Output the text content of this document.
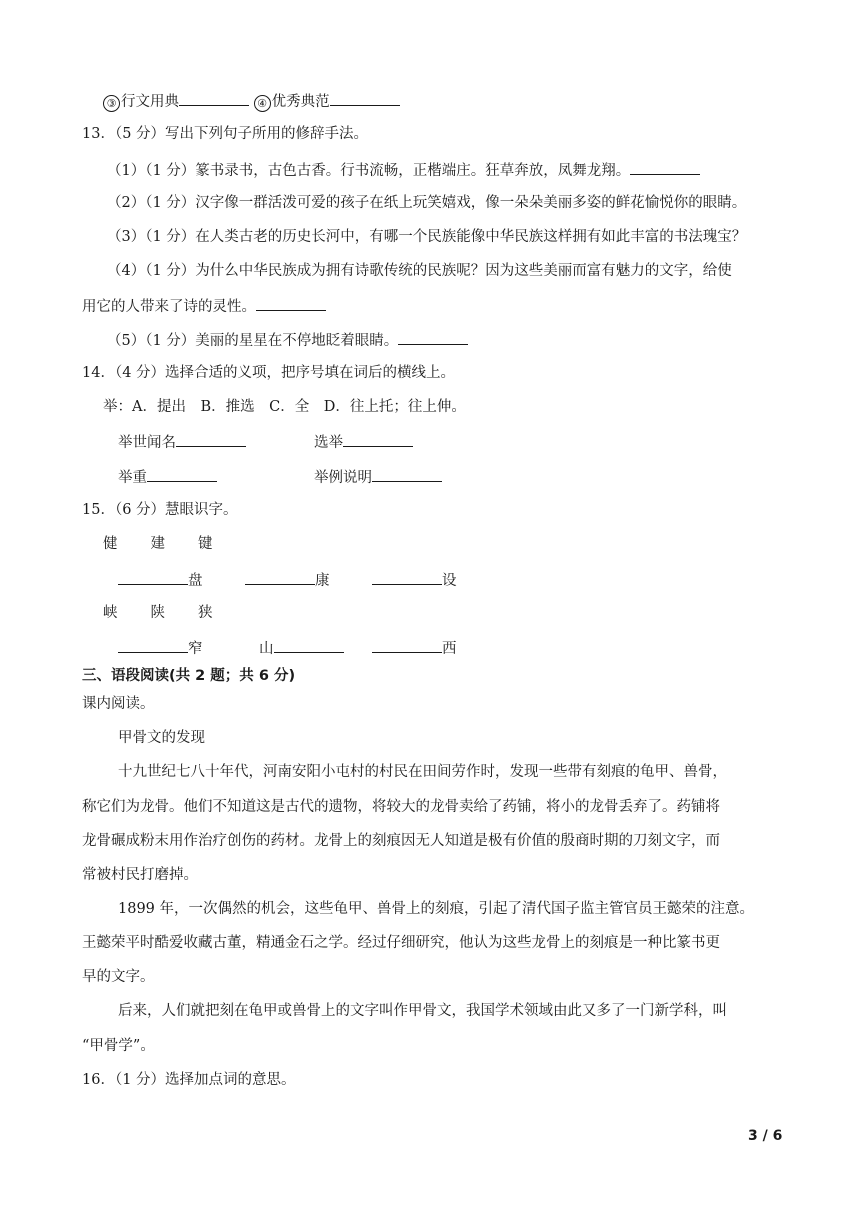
③ 行文用典	④ 优秀典范
13．（5 分）写出下列句子所用的修辞手法。
（1）（1 分）篆书录书，古色古香。行书流畅，正楷端庄。狂草奔放，凤舞龙翔。
（2）（1 分）汉字像一群活泼可爱的孩子在纸上玩笑嬉戏，像一朵朵美丽多姿的鲜花愉悦你的眼睛。
（3）（1 分）在人类古老的历史长河中，有哪一个民族能像中华民族这样拥有如此丰富的书法瑰宝？
（4）（1 分）为什么中华民族成为拥有诗歌传统的民族呢？因为这些美丽而富有魅力的文字，给使
用它的人带来了诗的灵性。
（5）（1 分）美丽的星星在不停地眨着眼睛。
14．（4 分）选择合适的义项，把序号填在词后的横线上。
举：A．提出　B．推选　C．全　D．往上托；往上伸。
举世闻名	选举
举重	举例说明
15．（6 分）慧眼识字。
健 建 键
盘	康	设
峡 陕 狭
窄	山	西
三、语段阅读(共 2 题；共 6 分)
课内阅读。
甲骨文的发现
十九世纪七八十年代，河南安阳小屯村的村民在田间劳作时，发现一些带有刻痕的龟甲、兽骨，
称它们为龙骨。他们不知道这是古代的遗物，将较大的龙骨卖给了药铺，将小的龙骨丢弃了。药铺将
龙骨碾成粉末用作治疗创伤的药材。龙骨上的刻痕因无人知道是极有价值的殷商时期的刀刻文字，而
常被村民打磨掉。
1899 年，一次偶然的机会，这些龟甲、兽骨上的刻痕，引起了清代国子监主管官员王懿荣的注意。
王懿荣平时酷爱收藏古董，精通金石之学。经过仔细研究，他认为这些龙骨上的刻痕是一种比篆书更
早的文字。
后来，人们就把刻在龟甲或兽骨上的文字叫作甲骨文，我国学术领域由此又多了一门新学科，叫
“甲骨学”。
16．（1 分）选择加点词的意思。
3 / 6
